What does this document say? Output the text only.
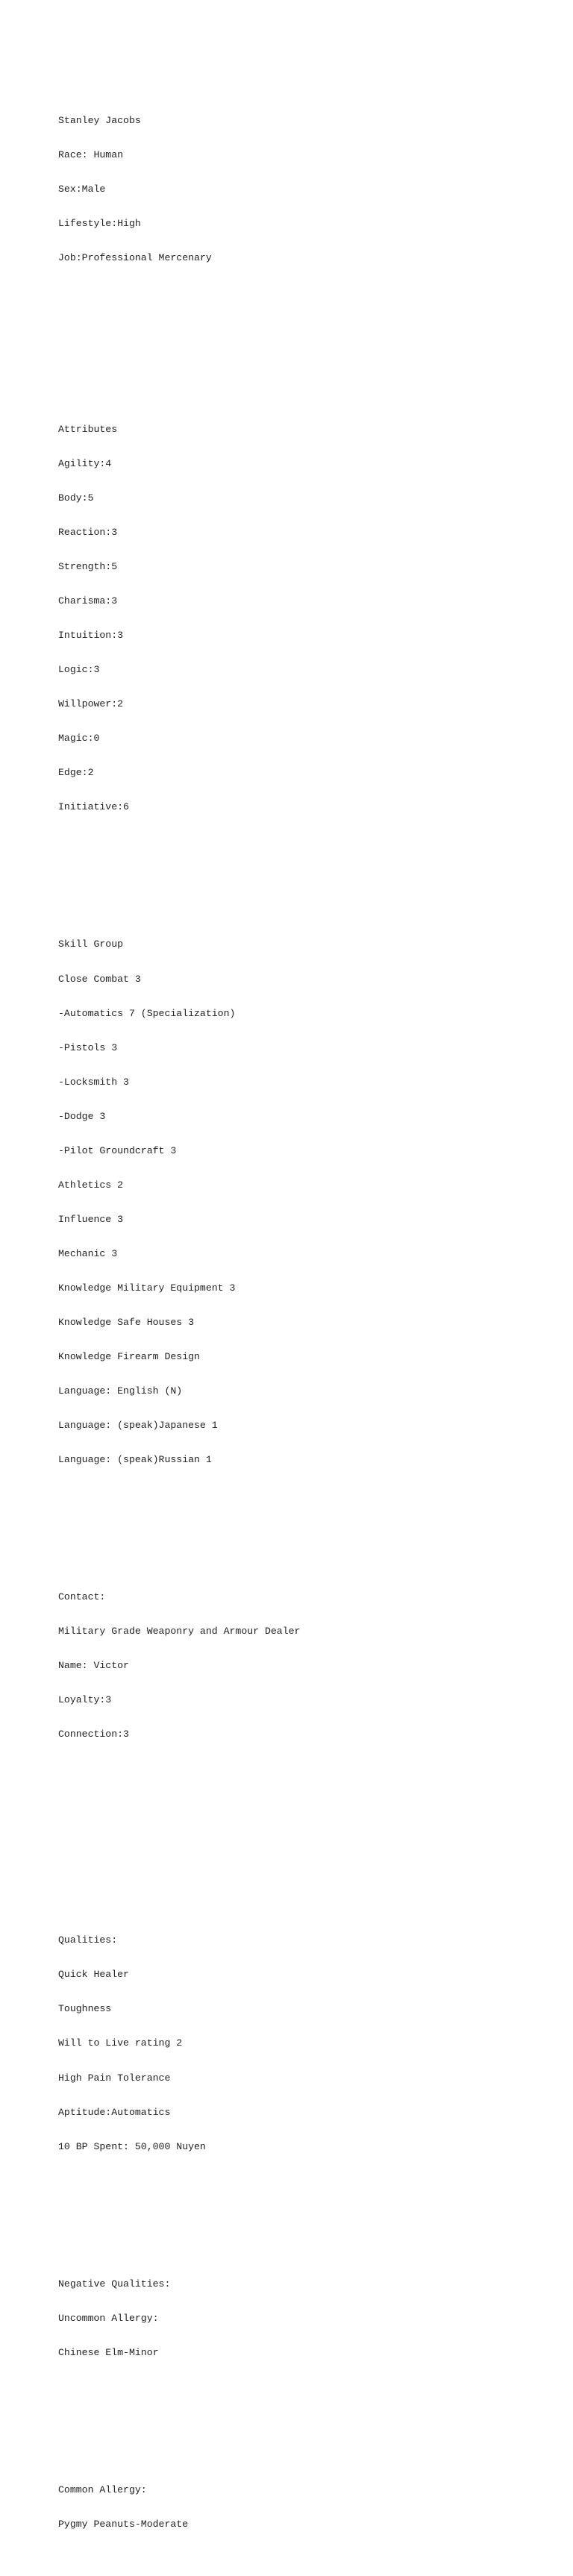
Stanley Jacobs

Race: Human

Sex:Male

Lifestyle:High

Job:Professional Mercenary

Attributes

Agility:4

Body:5

Reaction:3

Strength:5

Charisma:3

Intuition:3

Logic:3

Willpower:2

Magic:0

Edge:2

Initiative:6

Skill Group

Close Combat 3

-Automatics 7 (Specialization)

-Pistols 3

-Locksmith 3

-Dodge 3

-Pilot Groundcraft 3

Athletics 2

Influence 3

Mechanic 3

Knowledge Military Equipment 3

Knowledge Safe Houses 3

Knowledge Firearm Design

Language: English (N)

Language: (speak)Japanese 1

Language: (speak)Russian 1

Contact:

Military Grade Weaponry and Armour Dealer

Name: Victor

Loyalty:3

Connection:3

Qualities:

Quick Healer

Toughness

Will to Live rating 2

High Pain Tolerance

Aptitude:Automatics

10 BP Spent: 50,000 Nuyen

Negative Qualities:

Uncommon Allergy:

Chinese Elm-Minor

Common Allergy:

Pygmy Peanuts-Moderate
